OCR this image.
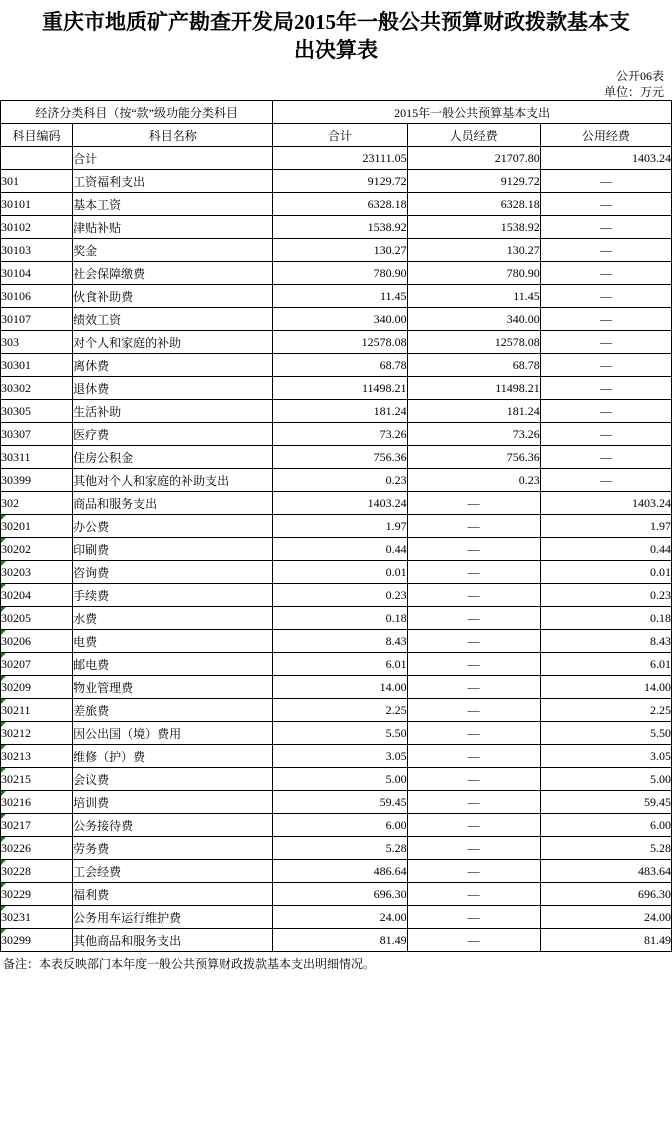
重庆市地质矿产勘查开发局2015年一般公共预算财政拨款基本支出决算表
公开06表
单位：万元
经济分类科目（按“款”级功能分类科目		2015年一般公共预算基本支出		
科目编码	科目名称	合计	人员经费	公用经费
	合计	23111.05	21707.80	1403.24
301	工资福利支出	9129.72	9129.72	—
30101	基本工资	6328.18	6328.18	—
30102	津贴补贴	1538.92	1538.92	—
30103	奖金	130.27	130.27	—
30104	社会保障缴费	780.90	780.90	—
30106	伙食补助费	11.45	11.45	—
30107	绩效工资	340.00	340.00	—
303	对个人和家庭的补助	12578.08	12578.08	—
30301	离休费	68.78	68.78	—
30302	退休费	11498.21	11498.21	—
30305	生活补助	181.24	181.24	—
30307	医疗费	73.26	73.26	—
30311	住房公积金	756.36	756.36	—
30399	其他对个人和家庭的补助支出	0.23	0.23	—
302	商品和服务支出	1403.24	—	1403.24
30201	办公费	1.97	—	1.97
30202	印刷费	0.44	—	0.44
30203	咨询费	0.01	—	0.01
30204	手续费	0.23	—	0.23
30205	水费	0.18	—	0.18
30206	电费	8.43	—	8.43
30207	邮电费	6.01	—	6.01
30209	物业管理费	14.00	—	14.00
30211	差旅费	2.25	—	2.25
30212	因公出国（境）费用	5.50	—	5.50
30213	维修（护）费	3.05	—	3.05
30215	会议费	5.00	—	5.00
30216	培训费	59.45	—	59.45
30217	公务接待费	6.00	—	6.00
30226	劳务费	5.28	—	5.28
30228	工会经费	486.64	—	483.64
30229	福利费	696.30	—	696.30
30231	公务用车运行维护费	24.00	—	24.00
30299	其他商品和服务支出	81.49	—	81.49
备注：本表反映部门本年度一般公共预算财政拨款基本支出明细情况。
